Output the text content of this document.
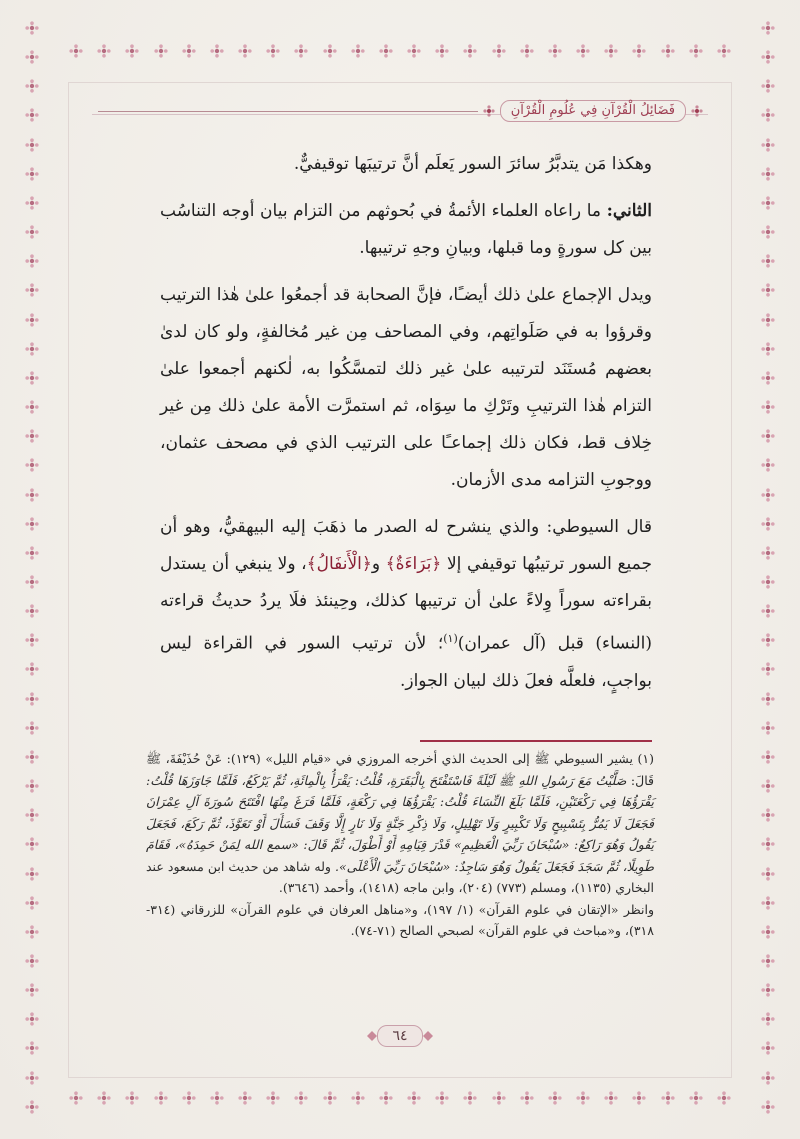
فَضَائِلُ الْقُرْآنِ فِي عُلُومِ الْقُرْآنِ

وهكذا مَن يتدبَّرُ سائرَ السور يَعلَم أنَّ ترتيبَها توقيفيٌّ.

الثاني: ما راعاه العلماء الأئمةُ في بُحوثهم من التزام بيان أوجه التناسُب بين كل سورةٍ وما قبلها، وبيانِ وجهِ ترتيبها.

ويدل الإجماع علىٰ ذلك أيضـًا، فإنَّ الصحابة قد أجمعُوا علىٰ هٰذا الترتيب وقرؤوا به في صَلَواتِهم، وفي المصاحف مِن غير مُخالفةٍ، ولو كان لدىٰ بعضهم مُستَنَد لترتيبه علىٰ غير ذلك لتمسَّكُوا به، لٰكنهم أجمعوا علىٰ التزام هٰذا الترتيبِ وتَرْكِ ما سِوَاه، ثم استمرَّت الأمة علىٰ ذلك مِن غير خِلاف قط، فكان ذلك إجماعـًا على الترتيب الذي في مصحف عثمان، ووجوبِ التزامه مدى الأزمان.

قال السيوطي: والذي ينشرح له الصدر ما ذهَبَ إليه البيهقيُّ، وهو أن جميع السور ترتيبُها توقيفي إلا ﴿بَرَاءَةٌ﴾ و﴿الْأَنفَالُ﴾، ولا ينبغي أن يستدل بقراءته سوراً وِلاءً علىٰ أن ترتيبها كذلك، وحِينئذ فلَا يردُ حديثُ قراءته (النساء) قبل (آل عمران)$^{(١)}$؛ لأن ترتيب السور في القراءة ليس بواجبٍ، فلعلَّه فعلَ ذلك لبيان الجواز.

(١) يشير السيوطي ﷺ إلى الحديث الذي أخرجه المروزي في «قيام الليل» (١٢٩): عَنْ حُذَيْفَةَ، ﷺ قَالَ: صَلَّيْتُ مَعَ رَسُولِ اللهِ ﷺ لَيْلَةً فَاسْتَفْتَحَ بِالْبَقَرَةِ، قُلْتُ: يَقْرَأُ بِالْمِائَةِ، ثُمَّ يَرْكَعُ، فَلَمَّا جَاوَزَهَا قُلْتُ: يَقْرَؤُهَا فِي رَكْعَتَيْنِ، فَلَمَّا بَلَغَ النِّسَاءَ قُلْتُ: يَقْرَؤُهَا فِي رَكْعَةٍ، فَلَمَّا فَرَغَ مِنْهَا افْتَتَحَ سُورَةَ آلِ عِمْرَانَ فَجَعَلَ لَا يَمُرُّ بِتَسْبِيحٍ وَلَا تَكْبِيرٍ وَلَا تَهْلِيلٍ، وَلَا ذِكْرِ جَنَّةٍ وَلَا نَارٍ إِلَّا وَقَفَ فَسَأَلَ أَوْ تَعَوَّذَ، ثُمَّ رَكَعَ، فَجَعَلَ يَقُولُ وَهُوَ رَاكِعٌ: «سُبْحَانَ رَبِّيَ الْعَظِيمِ» قَدْرَ قِيَامِهِ أَوْ أَطْوَلَ، ثُمَّ قَالَ: «سمع الله لِمَنْ حَمِدَهُ»، فَقَامَ طَوِيلًا، ثُمَّ سَجَدَ فَجَعَلَ يَقُولُ وَهُوَ سَاجِدٌ: «سُبْحَانَ رَبِّيَ الْأَعْلَى». وله شاهد من حديث ابن مسعود عند البخاري (١١٣٥)، ومسلم (٧٧٣) (٢٠٤)، وابن ماجه (١٤١٨)، وأحمد (٣٦٤٦).

وانظر «الإتقان في علوم القرآن» (١/ ١٩٧)، و«مناهل العرفان في علوم القرآن» للزرقاني (٣١٤- ٣١٨)، و«مباحث في علوم القرآن» لصبحي الصالح (٧١-٧٤).

٦٤
